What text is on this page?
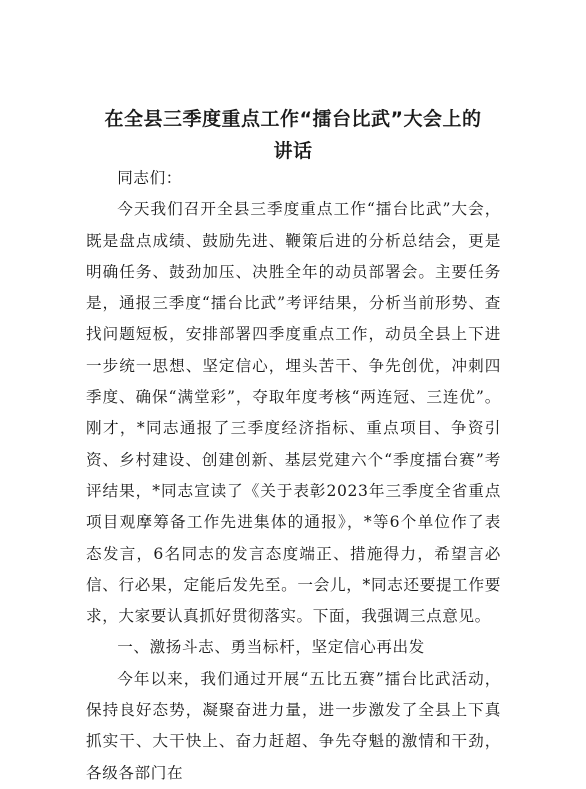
在全县三季度重点工作“擂台比武”大会上的
讲话

同志们：

今天我们召开全县三季度重点工作“擂台比武”大会，既是盘点成绩、鼓励先进、鞭策后进的分析总结会，更是明确任务、鼓劲加压、决胜全年的动员部署会。主要任务是，通报三季度“擂台比武”考评结果，分析当前形势、查找问题短板，安排部署四季度重点工作，动员全县上下进一步统一思想、坚定信心，埋头苦干、争先创优，冲刺四季度、确保“满堂彩”，夺取年度考核“两连冠、三连优”。刚才，*同志通报了三季度经济指标、重点项目、争资引资、乡村建设、创建创新、基层党建六个“季度擂台赛”考评结果，*同志宣读了《关于表彰2023年三季度全省重点项目观摩筹备工作先进集体的通报》，*等6个单位作了表态发言，6名同志的发言态度端正、措施得力，希望言必信、行必果，定能后发先至。一会儿，*同志还要提工作要求，大家要认真抓好贯彻落实。下面，我强调三点意见。

一、激扬斗志、勇当标杆，坚定信心再出发

今年以来，我们通过开展“五比五赛”擂台比武活动，保持良好态势，凝聚奋进力量，进一步激发了全县上下真抓实干、大干快上、奋力赶超、争先夺魁的激情和干劲，各级各部门在
